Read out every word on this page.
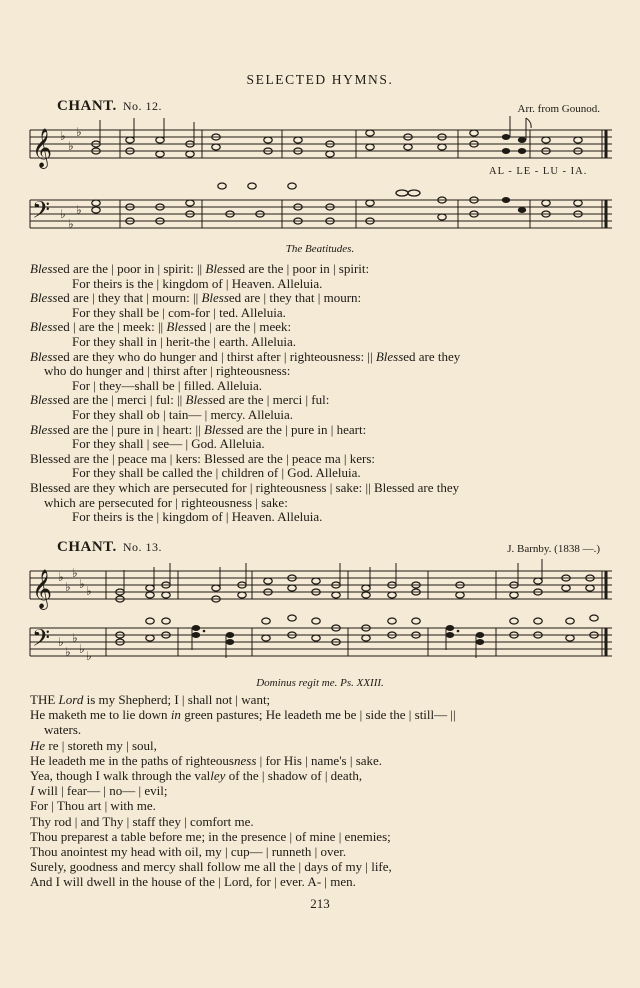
SELECTED HYMNS.
CHANT. No. 12.	Arr. from Gounod.
𝄞 ♭
♭
♭
AL - LE - LU - IA.
𝄢 ♭
♭
♭
The Beatitudes.
Blessed are the | poor in | spirit: || Blessed are the | poor in | spirit:
For theirs is the | kingdom of | Heaven. Alleluia.
Blessed are | they that | mourn: || Blessed are | they that | mourn:
For they shall be | com-for | ted. Alleluia.
Blessed | are the | meek: || Blessed | are the | meek:
For they shall in | herit-the | earth. Alleluia.
Blessed are they who do hunger and | thirst after | righteousness: || Blessed are they
who do hunger and | thirst after | righteousness:
For | they—shall be | filled. Alleluia.
Blessed are the | merci | ful: || Blessed are the | merci | ful:
For they shall ob | tain— | mercy. Alleluia.
Blessed are the | pure in | heart: || Blessed are the | pure in | heart:
For they shall | see— | God. Alleluia.
Blessed are the | peace ma | kers: Blessed are the | peace ma | kers:
For they shall be called the | children of | God. Alleluia.
Blessed are they which are persecuted for | righteousness | sake: || Blessed are they
which are persecuted for | righteousness | sake:
For theirs is the | kingdom of | Heaven. Alleluia.
CHANT. No. 13.	J. Barnby. (1838 —.)
𝄞 ♭
♭
♭
♭ ♭
𝄢 ♭
♭
♭
♭ ♭
Dominus regit me. Ps. XXIII.
THE Lord is my Shepherd; I | shall not | want;
He maketh me to lie down in green pastures; He leadeth me be | side the | still— ||
waters.
He re | storeth my | soul,
He leadeth me in the paths of righteousness | for His | name's | sake.
Yea, though I walk through the valley of the | shadow of | death,
I will | fear— | no— | evil;
For | Thou art | with me.
Thy rod | and Thy | staff they | comfort me.
Thou preparest a table before me; in the presence | of mine | enemies;
Thou anointest my head with oil, my | cup— | runneth | over.
Surely, goodness and mercy shall follow me all the | days of my | life,
And I will dwell in the house of the | Lord, for | ever. A- | men.
213
